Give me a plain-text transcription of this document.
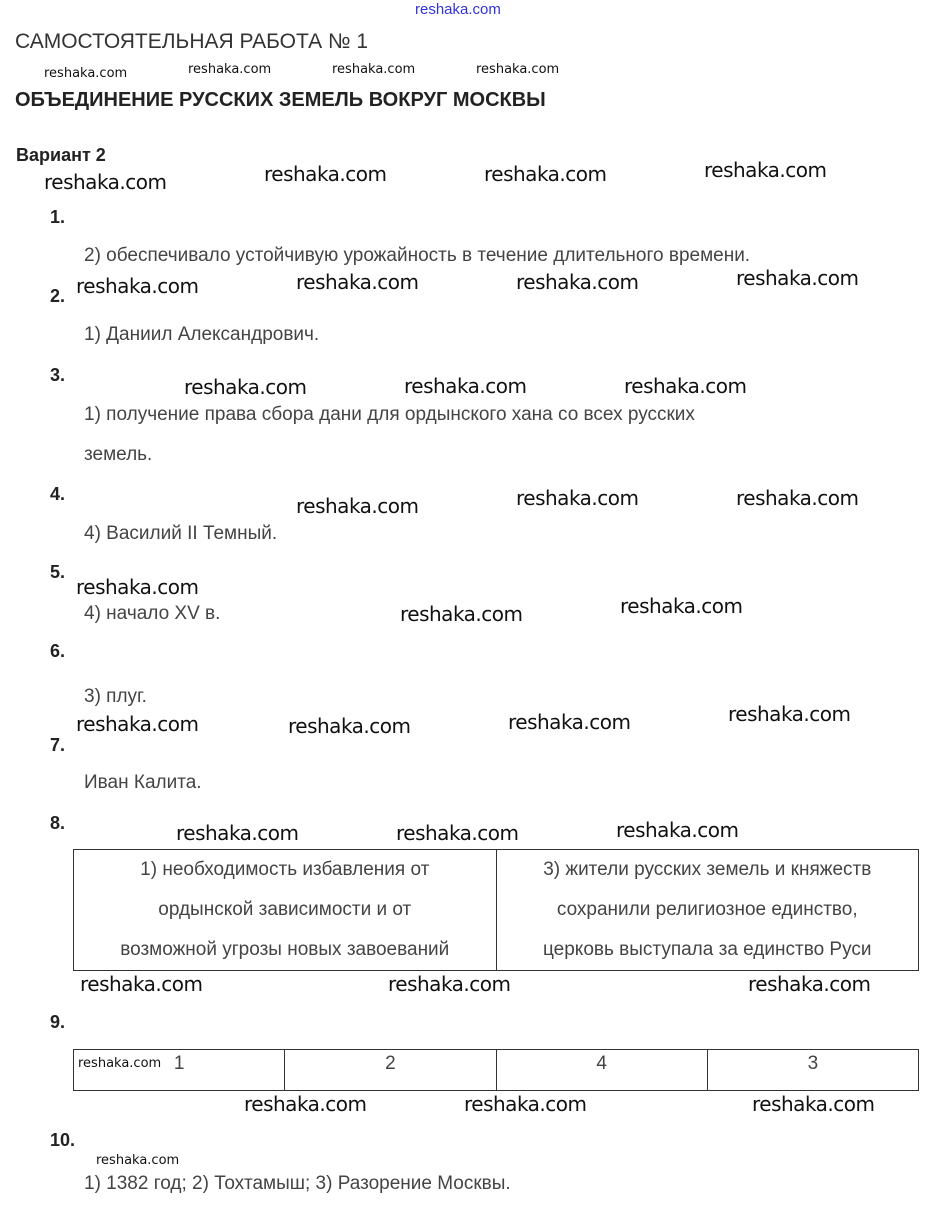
reshaka.com
САМОСТОЯТЕЛЬНАЯ РАБОТА № 1
ОБЪЕДИНЕНИЕ РУССКИХ ЗЕМЕЛЬ ВОКРУГ МОСКВЫ
Вариант 2
1.
2) обеспечивало устойчивую урожайность в течение длительного времени.
2.
1) Даниил Александрович.
3.
1) получение права сбора дани для ордынского хана со всех русских
земель.
4.
4) Василий II Темный.
5.
4) начало XV в.
6.
3) плуг.
7.
Иван Калита.
8.
1) необходимость избавления от
ордынской зависимости и от
возможной угрозы новых завоеваний

3) жители русских земель и княжеств
сохранили религиозное единство,
церковь выступала за единство Руси
9.
1	2	4	3
10.
1) 1382 год; 2) Тохтамыш; 3) Разорение Москвы.
reshaka.com	reshaka.com	reshaka.com	reshaka.com
reshaka.com	reshaka.com	reshaka.com	reshaka.com
reshaka.com	reshaka.com	reshaka.com	reshaka.com
reshaka.com	reshaka.com	reshaka.com
reshaka.com	reshaka.com	reshaka.com
reshaka.com
reshaka.com	reshaka.com
reshaka.com	reshaka.com	reshaka.com	reshaka.com
reshaka.com	reshaka.com	reshaka.com
reshaka.com	reshaka.com	reshaka.com
reshaka.com
reshaka.com	reshaka.com	reshaka.com
reshaka.com
